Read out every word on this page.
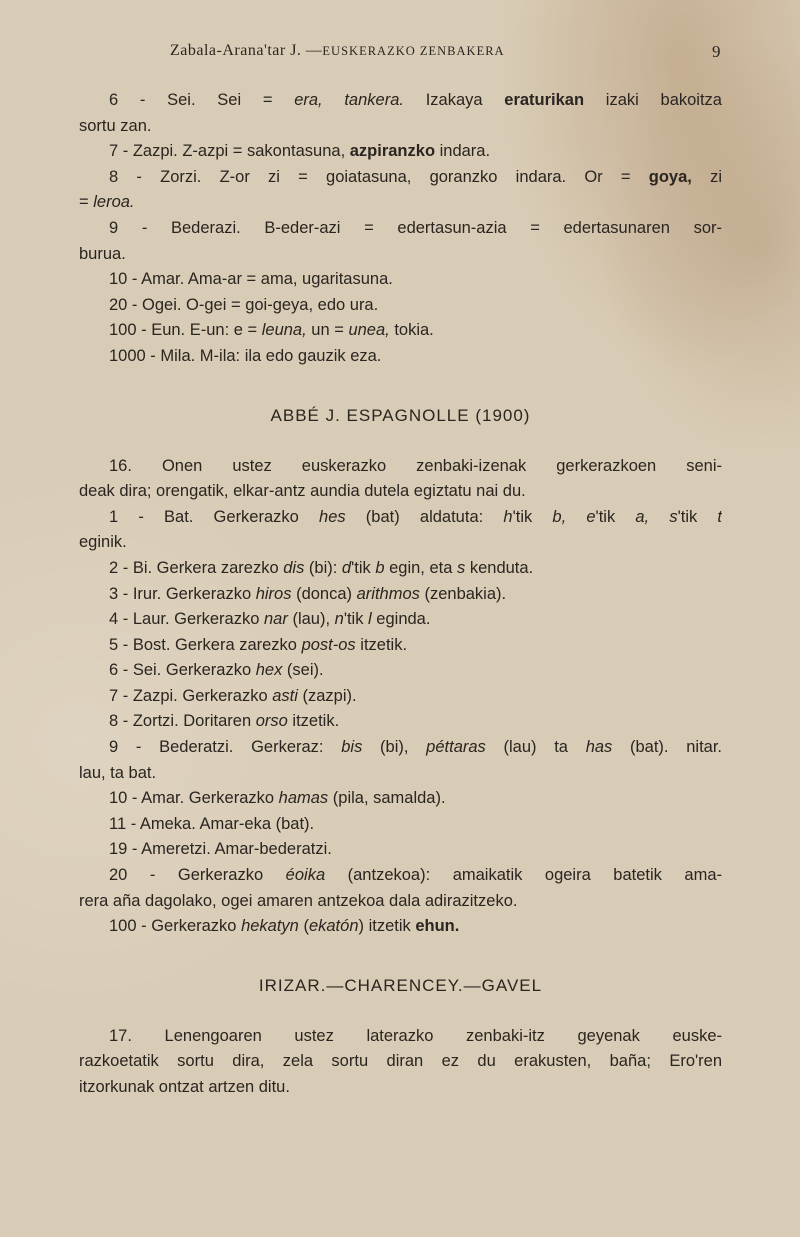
Zabala-Arana'tar J. —EUSKERAZKO ZENBAKERA	9
6 - Sei. Sei = era, tankera. Izakaya eraturikan izaki bakoitza
sortu zan.
7 - Zazpi. Z-azpi = sakontasuna, azpiranzko indara.
8 - Zorzi. Z-or zi = goiatasuna, goranzko indara. Or = goya, zi
= leroa.
9 - Bederazi. B-eder-azi = edertasun-azia = edertasunaren sor-
burua.
10 - Amar. Ama-ar = ama, ugaritasuna.
20 - Ogei. O-gei = goi-geya, edo ura.
100 - Eun. E-un: e = leuna, un = unea, tokia.
1000 - Mila. M-ila: ila edo gauzik eza.
ABBÉ J. ESPAGNOLLE (1900)
16. Onen ustez euskerazko zenbaki-izenak gerkerazkoen seni-
deak dira; orengatik, elkar-antz aundia dutela egiztatu nai du.
1 - Bat. Gerkerazko hes (bat) aldatuta: h'tik b, e'tik a, s'tik t
eginik.
2 - Bi. Gerkera zarezko dis (bi): d'tik b egin, eta s kenduta.
3 - Irur. Gerkerazko hiros (donca) arithmos (zenbakia).
4 - Laur. Gerkerazko nar (lau), n'tik l eginda.
5 - Bost. Gerkera zarezko post-os itzetik.
6 - Sei. Gerkerazko hex (sei).
7 - Zazpi. Gerkerazko asti (zazpi).
8 - Zortzi. Doritaren orso itzetik.
9 - Bederatzi. Gerkeraz: bis (bi), péttaras (lau) ta has (bat). nitar.
lau, ta bat.
10 - Amar. Gerkerazko hamas (pila, samalda).
11 - Ameka. Amar-eka (bat).
19 - Ameretzi. Amar-bederatzi.
20 - Gerkerazko éoika (antzekoa): amaikatik ogeira batetik ama-
rera aña dagolako, ogei amaren antzekoa dala adirazitzeko.
100 - Gerkerazko hekatyn (ekatón) itzetik ehun.
IRIZAR.—CHARENCEY.—GAVEL
17. Lenengoaren ustez laterazko zenbaki-itz geyenak euske-
razkoetatik sortu dira, zela sortu diran ez du erakusten, baña; Ero'ren
itzorkunak ontzat artzen ditu.
